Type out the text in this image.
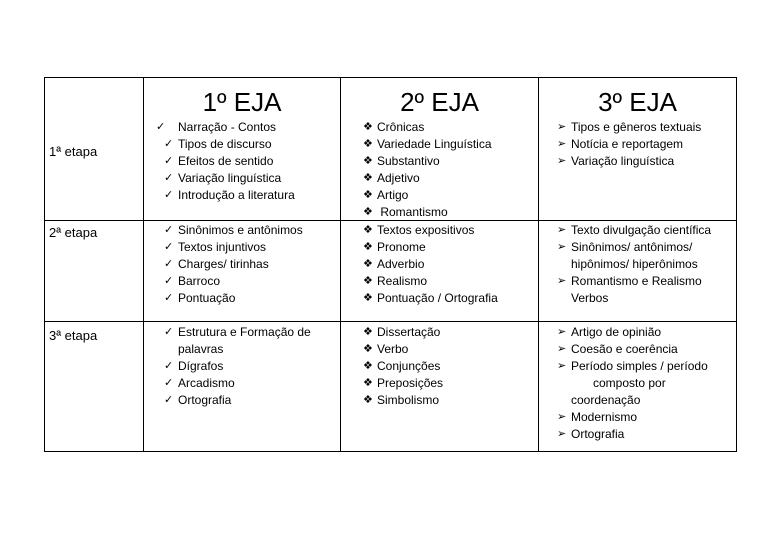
1º EJA	2º EJA	3º EJA
1ª etapa
2ª etapa
3ª etapa
✓ Narração - Contos
✓ Tipos de discurso
✓ Efeitos de sentido
✓ Variação linguística
✓ Introdução a literatura
❖ Crônicas
❖ Variedade Linguística
❖ Substantivo
❖ Adjetivo
❖ Artigo
❖ Romantismo
➢ Tipos e gêneros textuais
➢ Notícia e reportagem
➢ Variação linguística
✓ Sinônimos e antônimos
✓ Textos injuntivos
✓ Charges/ tirinhas
✓ Barroco
✓ Pontuação
❖ Textos expositivos
❖ Pronome
❖ Adverbio
❖ Realismo
❖ Pontuação / Ortografia
➢ Texto divulgação científica
➢ Sinônimos/ antônimos/
hipônimos/ hiperônimos
➢ Romantismo e Realismo
Verbos
✓ Estrutura e Formação de
palavras
✓ Dígrafos
✓ Arcadismo
✓ Ortografia
❖ Dissertação
❖ Verbo
❖ Conjunções
❖ Preposições
❖ Simbolismo
➢ Artigo de opinião
➢ Coesão e coerência
➢ Período simples / período
composto por
coordenação
➢ Modernismo
➢ Ortografia
